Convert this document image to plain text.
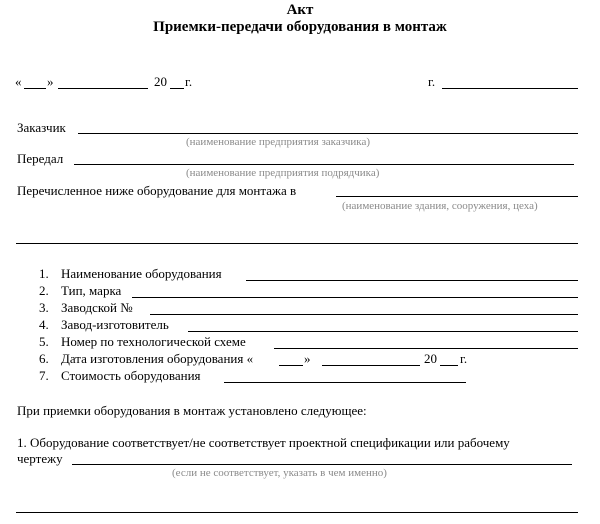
Акт
Приемки-передачи оборудования в монтаж
« »	20 г.	г.
Заказчик
(наименование предприятия заказчика)
Передал
(наименование предприятия подрядчика)
Перечисленное ниже оборудование для монтажа в
(наименование здания, сооружения, цеха)
1. Наименование оборудования
2. Тип, марка
3. Заводской №
4. Завод-изготовитель
5. Номер по технологической схеме
6. Дата изготовления оборудования «	»	20 г.
7. Стоимость оборудования
При приемки оборудования в монтаж установлено следующее:
1. Оборудование соответствует/не соответствует проектной спецификации или рабочему
чертежу
(если не соответствует, указать в чем именно)
